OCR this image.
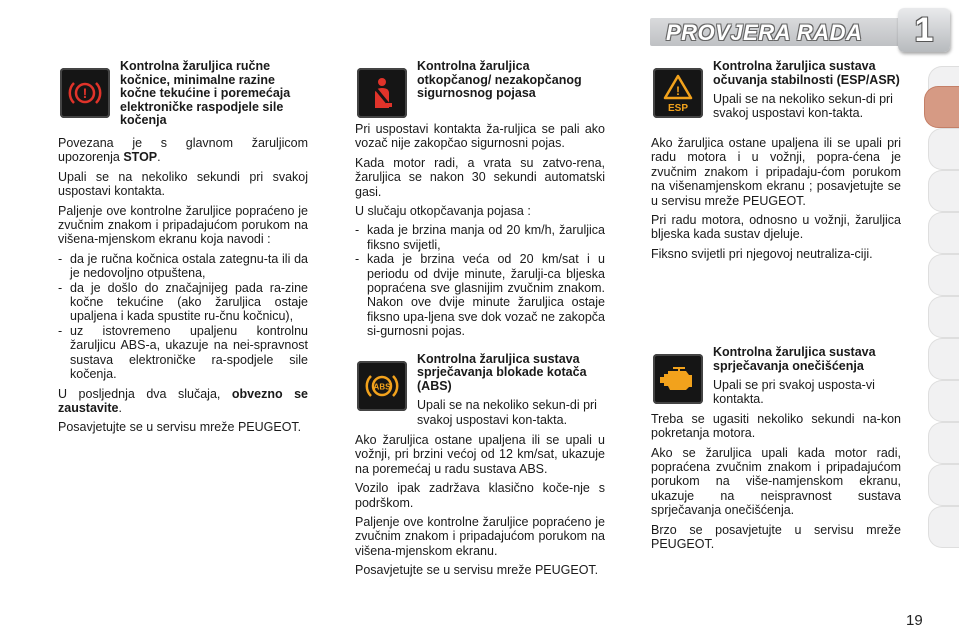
PROVJERA RADA	1
!
Kontrolna žaruljica ručne kočnice, minimalne razine kočne tekućine i poremećaja elektroničke raspodjele sile kočenja

Povezana je s glavnom žaruljicom upozorenja STOP.

Upali se na nekoliko sekundi pri svakoj uspostavi kontakta.

Paljenje ove kontrolne žaruljice popraćeno je zvučnim znakom i pripadajućom porukom na višena-mjenskom ekranu koja navodi :

- da je ručna kočnica ostala zategnu-ta ili da je nedovoljno otpuštena,
- da je došlo do značajnijeg pada ra-zine kočne tekućine (ako žaruljica ostaje upaljena i kada spustite ru-čnu kočnicu),
- uz istovremeno upaljenu kontrolnu žaruljicu ABS-a, ukazuje na nei-spravnost sustava elektroničke ra-spodjele sile kočenja.

U posljednja dva slučaja, obvezno se zaustavite.

Posavjetujte se u servisu mreže PEUGEOT.

Kontrolna žaruljica otkopčanog/ nezakopčanog sigurnosnog pojasa

Pri uspostavi kontakta ža-ruljica se pali ako vozač nije zakopčao sigurnosni pojas.

Kada motor radi, a vrata su zatvo-rena, žaruljica se nakon 30 sekundi automatski gasi.

U slučaju otkopčavanja pojasa :

- kada je brzina manja od 20 km/h, žaruljica fiksno svijetli,
- kada je brzina veća od 20 km/sat i u periodu od dvije minute, žarulji-ca bljeska popraćena sve glasnijim zvučnim znakom. Nakon ove dvije minute žaruljica ostaje fiksno upa-ljena sve dok vozač ne zakopča si-gurnosni pojas.
ABS
Kontrolna žaruljica sustava sprječavanja blokade kotača (ABS)
Upali se na nekoliko sekun-di pri svakoj uspostavi kon-takta.

Ako žaruljica ostane upaljena ili se upali u vožnji, pri brzini većoj od 12 km/sat, ukazuje na poremećaj u radu sustava ABS.

Vozilo ipak zadržava klasično koče-nje s podrškom.

Paljenje ove kontrolne žaruljice popraćeno je zvučnim znakom i pripadajućom porukom na višena-mjenskom ekranu.

Posavjetujte se u servisu mreže PEUGEOT.

!
ESP
Kontrolna žaruljica sustava očuvanja stabilnosti (ESP/ASR)
Upali se na nekoliko sekun-di pri svakoj uspostavi kon-takta.

Ako žaruljica ostane upaljena ili se upali pri radu motora i u vožnji, popra-ćena je zvučnim znakom i pripadaju-ćom porukom na višenamjenskom ekranu ; posavjetujte se u servisu mreže PEUGEOT.

Pri radu motora, odnosno u vožnji, žaruljica bljeska kada sustav djeluje.

Fiksno svijetli pri njegovoj neutraliza-ciji.

Kontrolna žaruljica sustava sprječavanja onečišćenja
Upali se pri svakoj usposta-vi kontakta.

Treba se ugasiti nekoliko sekundi na-kon pokretanja motora.

Ako se žaruljica upali kada motor radi, popraćena zvučnim znakom i pripadajućom porukom na više-namjenskom ekranu, ukazuje na neispravnost sustava sprječavanja onečišćenja.

Brzo se posavjetujte u servisu mreže PEUGEOT.

19
